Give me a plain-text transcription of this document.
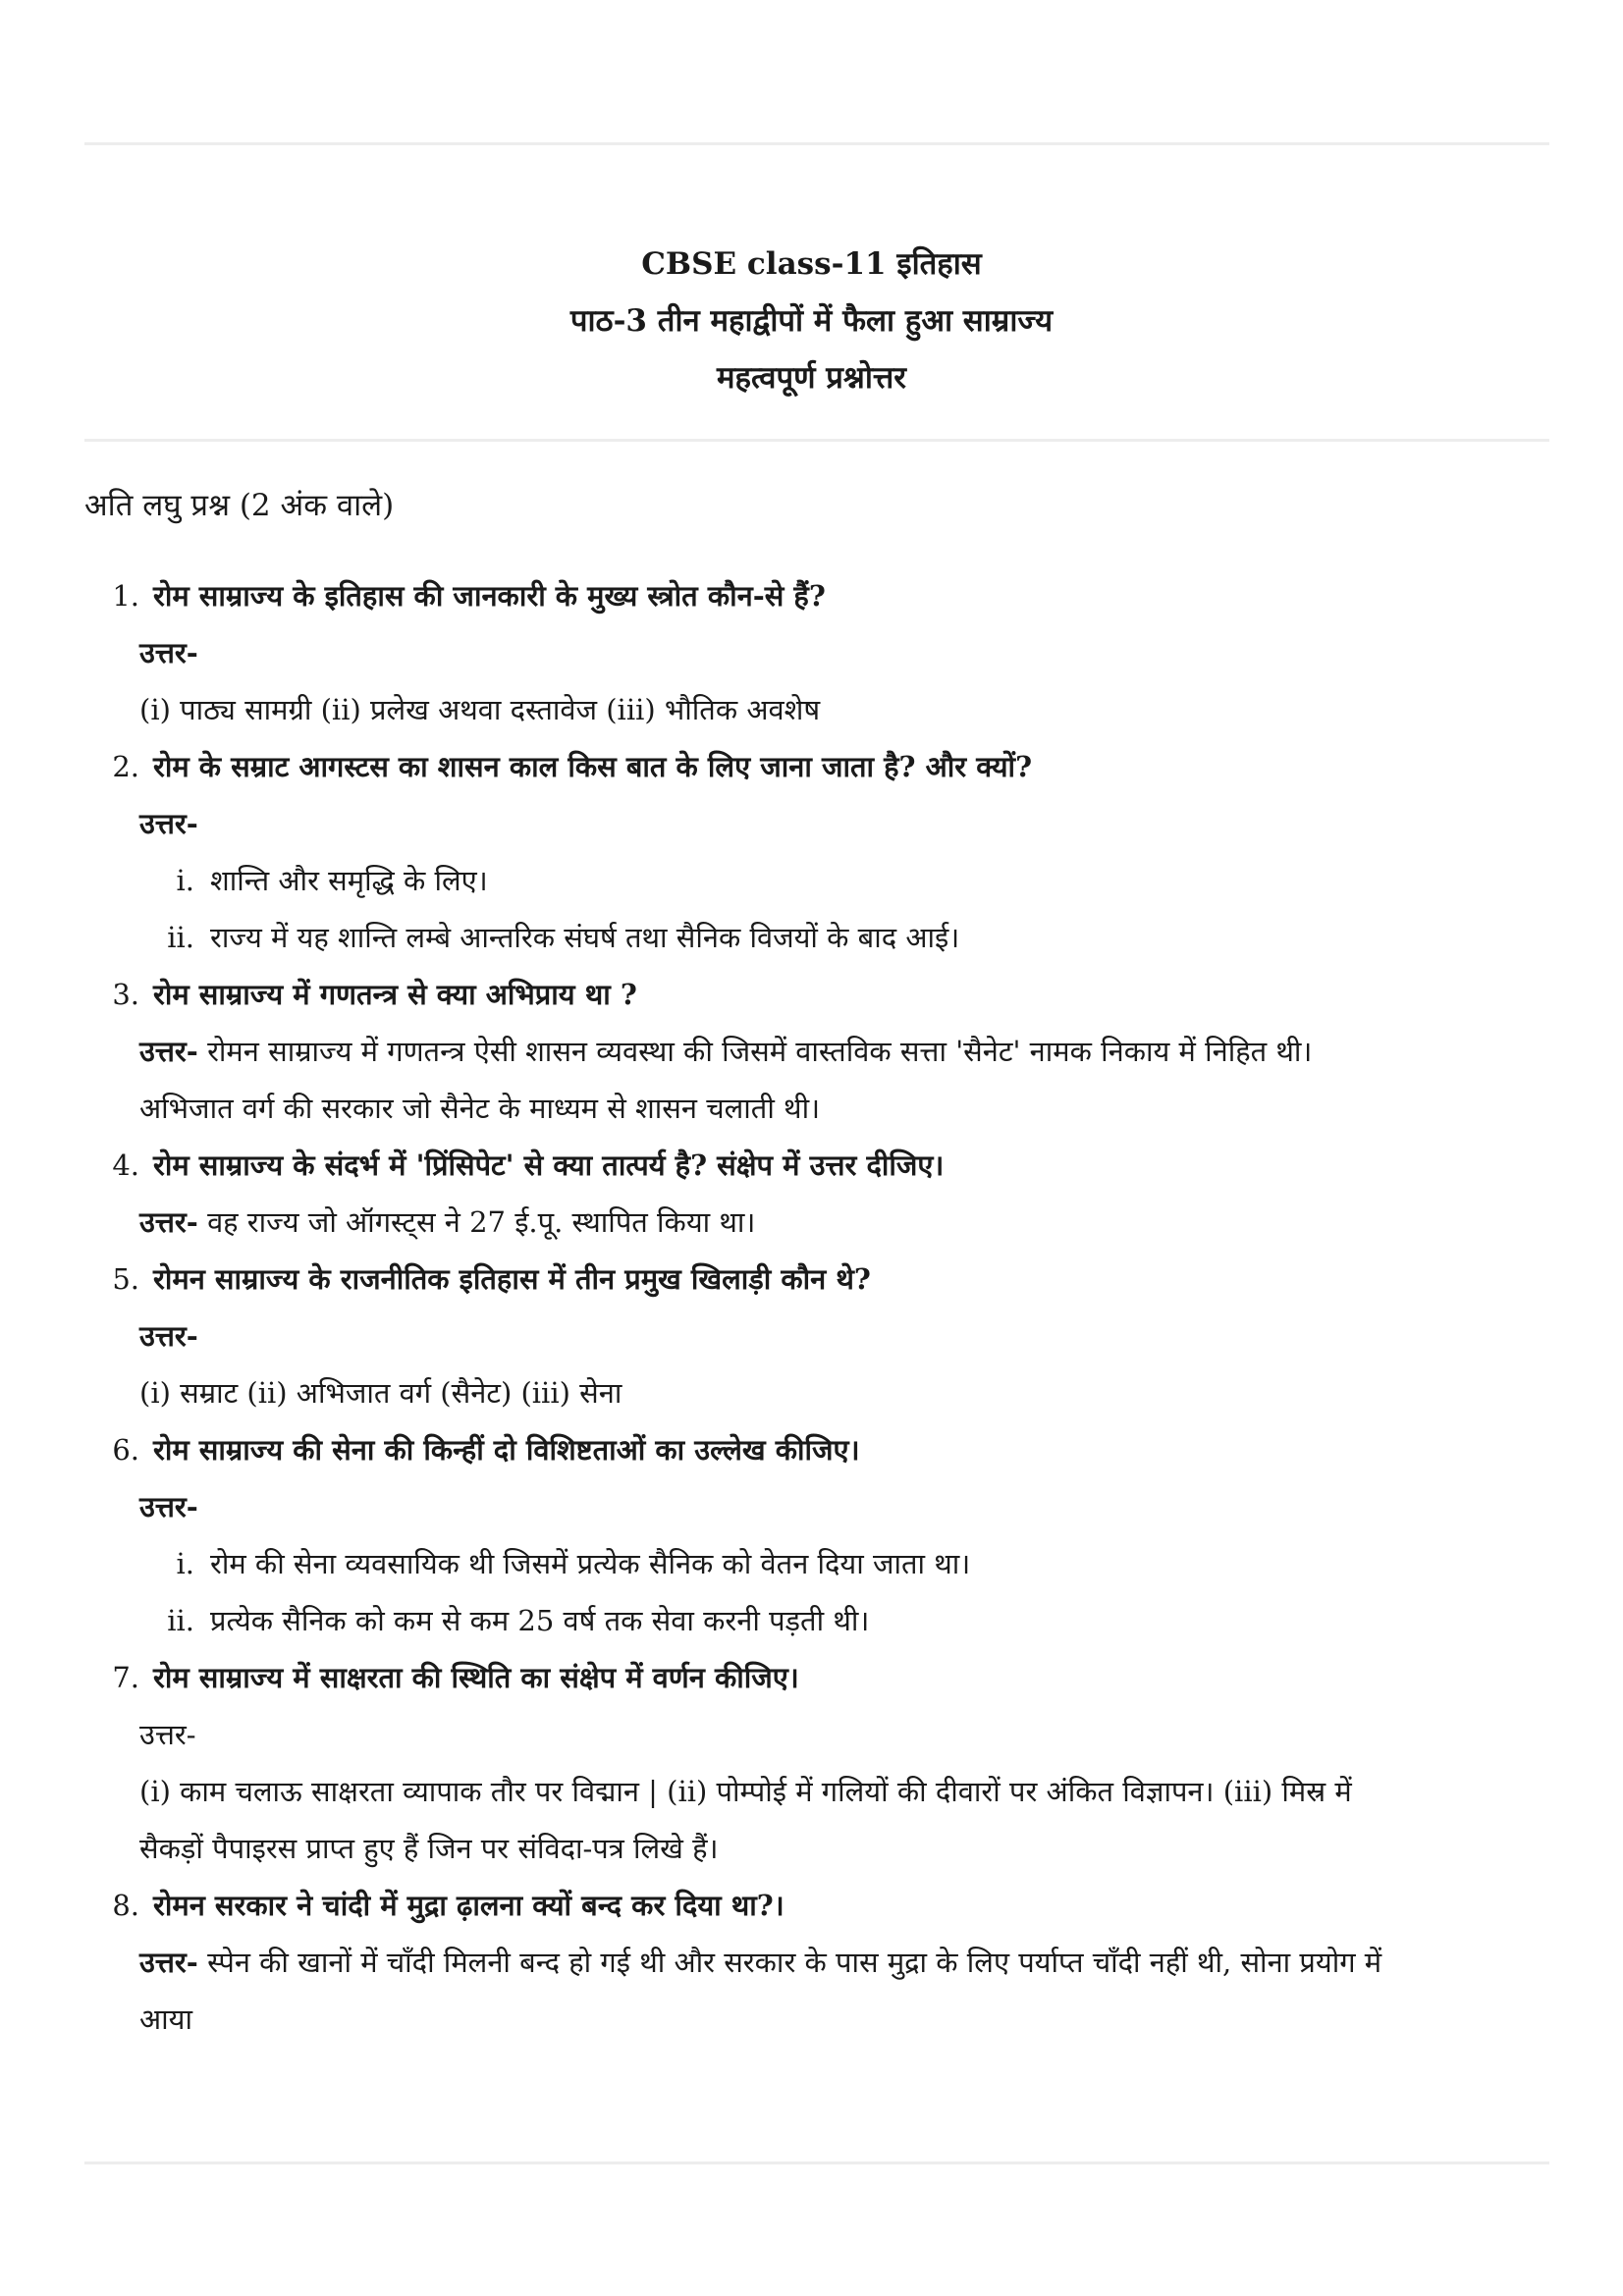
CBSE class-11 इतिहास
पाठ-3 तीन महाद्वीपों में फैला हुआ साम्राज्य
महत्वपूर्ण प्रश्नोत्तर
अति लघु प्रश्न (2 अंक वाले)
1. रोम साम्राज्य के इतिहास की जानकारी के मुख्य स्त्रोत कौन-से हैं?
उत्तर-
(i) पाठ्य सामग्री (ii) प्रलेख अथवा दस्तावेज (iii) भौतिक अवशेष
2. रोम के सम्राट आगस्टस का शासन काल किस बात के लिए जाना जाता है? और क्यों?
उत्तर-
i. शान्ति और समृद्धि के लिए।
ii. राज्य में यह शान्ति लम्बे आन्तरिक संघर्ष तथा सैनिक विजयों के बाद आई।
3. रोम साम्राज्य में गणतन्त्र से क्या अभिप्राय था ?
उत्तर- रोमन साम्राज्य में गणतन्त्र ऐसी शासन व्यवस्था की जिसमें वास्तविक सत्ता 'सैनेट' नामक निकाय में निहित थी।
अभिजात वर्ग की सरकार जो सैनेट के माध्यम से शासन चलाती थी।
4. रोम साम्राज्य के संदर्भ में 'प्रिंसिपेट' से क्या तात्पर्य है? संक्षेप में उत्तर दीजिए।
उत्तर- वह राज्य जो ऑगस्ट्स ने 27 ई.पू. स्थापित किया था।
5. रोमन साम्राज्य के राजनीतिक इतिहास में तीन प्रमुख खिलाड़ी कौन थे?
उत्तर-
(i) सम्राट (ii) अभिजात वर्ग (सैनेट) (iii) सेना
6. रोम साम्राज्य की सेना की किन्हीं दो विशिष्टताओं का उल्लेख कीजिए।
उत्तर-
i. रोम की सेना व्यवसायिक थी जिसमें प्रत्येक सैनिक को वेतन दिया जाता था।
ii. प्रत्येक सैनिक को कम से कम 25 वर्ष तक सेवा करनी पड़ती थी।
7. रोम साम्राज्य में साक्षरता की स्थिति का संक्षेप में वर्णन कीजिए।
उत्तर-
(i) काम चलाऊ साक्षरता व्यापाक तौर पर विद्मान | (ii) पोम्पोई में गलियों की दीवारों पर अंकित विज्ञापन। (iii) मिस्र में
सैकड़ों पैपाइरस प्राप्त हुए हैं जिन पर संविदा-पत्र लिखे हैं।
8. रोमन सरकार ने चांदी में मुद्रा ढ़ालना क्यों बन्द कर दिया था?।
उत्तर- स्पेन की खानों में चाँदी मिलनी बन्द हो गई थी और सरकार के पास मुद्रा के लिए पर्याप्त चाँदी नहीं थी, सोना प्रयोग में
आया
